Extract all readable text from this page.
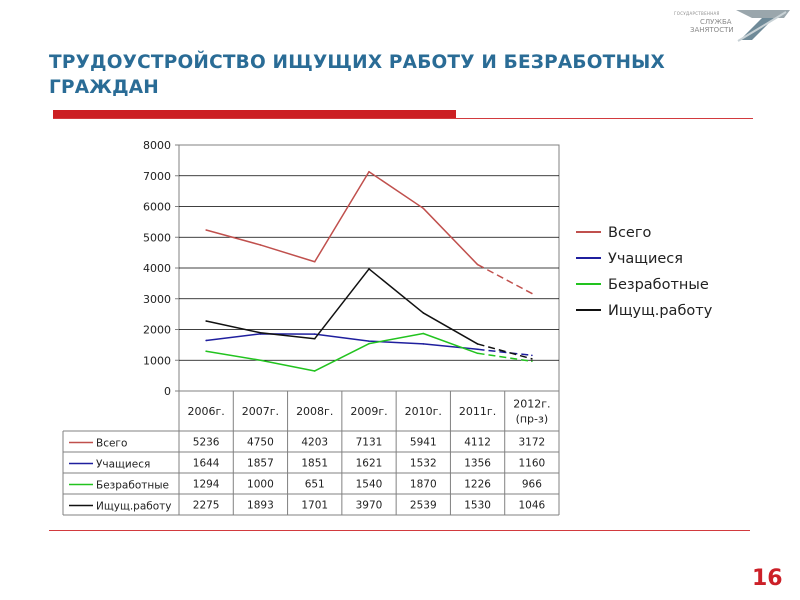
ГОСУДАРСТВЕННАЯ
СЛУЖБА
ЗАНЯТОСТИ
ТРУДОУСТРОЙСТВО ИЩУЩИХ РАБОТУ И БЕЗРАБОТНЫХ ГРАЖДАН
0
1000
2000
3000
4000
5000
6000
7000
8000
2006г. 2007г. 2008г. 2009г. 2010г. 2011г.
2012г.
(пр-з)
Всего	5236	4750	4203	7131	5941	4112	3172
Учащиеся	1644	1857	1851	1621	1532	1356	1160
Безработные 1294	1000	651	1540	1870	1226	966
Ищущ.работу 2275	1893	1701	3970	2539	1530	1046
Всего
Учащиеся
Безработные
Ищущ.работу
16
